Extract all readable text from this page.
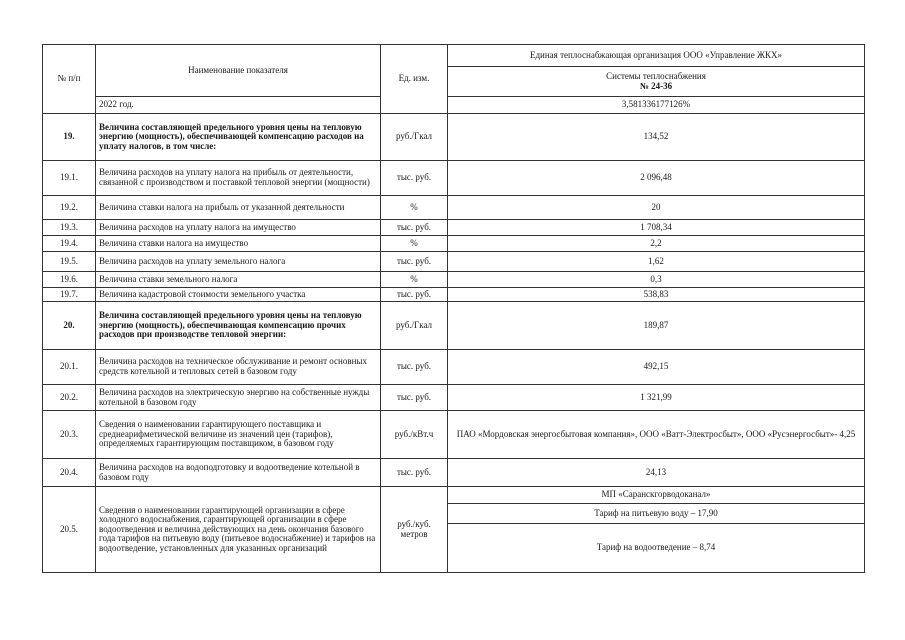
№ п/п	Наименование показателя	Ед. изм.	Единая теплоснабжающая организация ООО «Управление ЖКХ»
			Системы теплоснабжения
№ 24-36
	2022 год.		3,581336177126%
19.	Величина составляющей предельного уровня цены на тепловую энергию (мощность), обеспечивающей компенсацию расходов на уплату налогов, в том числе:	руб./Гкал	134,52
19.1.	Величина расходов на уплату налога на прибыль от деятельности, связанной с производством и поставкой тепловой энергии (мощности)	тыс. руб.	2 096,48
19.2.	Величина ставки налога на прибыль от указанной деятельности	%	20
19.3.	Величина расходов на уплату налога на имущество	тыс. руб.	1 708,34
19.4.	Величина ставки налога на имущество	%	2,2
19.5.	Величина расходов на уплату земельного налога	тыс. руб.	1,62
19.6.	Величина ставки земельного налога	%	0,3
19.7.	Величина кадастровой стоимости земельного участка	тыс. руб.	538,83
20.	Величина составляющей предельного уровня цены на тепловую энергию (мощность), обеспечивающая компенсацию прочих расходов при производстве тепловой энергии:	руб./Гкал	189,87
20.1.	Величина расходов на техническое обслуживание и ремонт основных средств котельной и тепловых сетей в базовом году	тыс. руб.	492,15
20.2.	Величина расходов на электрическую энергию на собственные нужды котельной в базовом году	тыс. руб.	1 321,99
20.3.	Сведения о наименовании гарантирующего поставщика и среднеарифметической величине из значений цен (тарифов), определяемых гарантирующим поставщиком, в базовом году	руб./кВт.ч	ПАО «Мордовская энергосбытовая компания», ООО «Ватт-Электросбыт», ООО «Русэнергосбыт»- 4,25
20.4.	Величина расходов на водоподготовку и водоотведение котельной в базовом году	тыс. руб.	24,13
20.5.	Сведения о наименовании гарантирующей организации в сфере холодного водоснабжения, гарантирующей организации в сфере водоотведения и величина действующих на день окончания базового года тарифов на питьевую воду (питьевое водоснабжение) и тарифов на водоотведение, установленных для указанных организаций	руб./куб. метров	МП «Саранскгорводоканал»
			Тариф на питьевую воду – 17,90
			Тариф на водоотведение – 8,74
